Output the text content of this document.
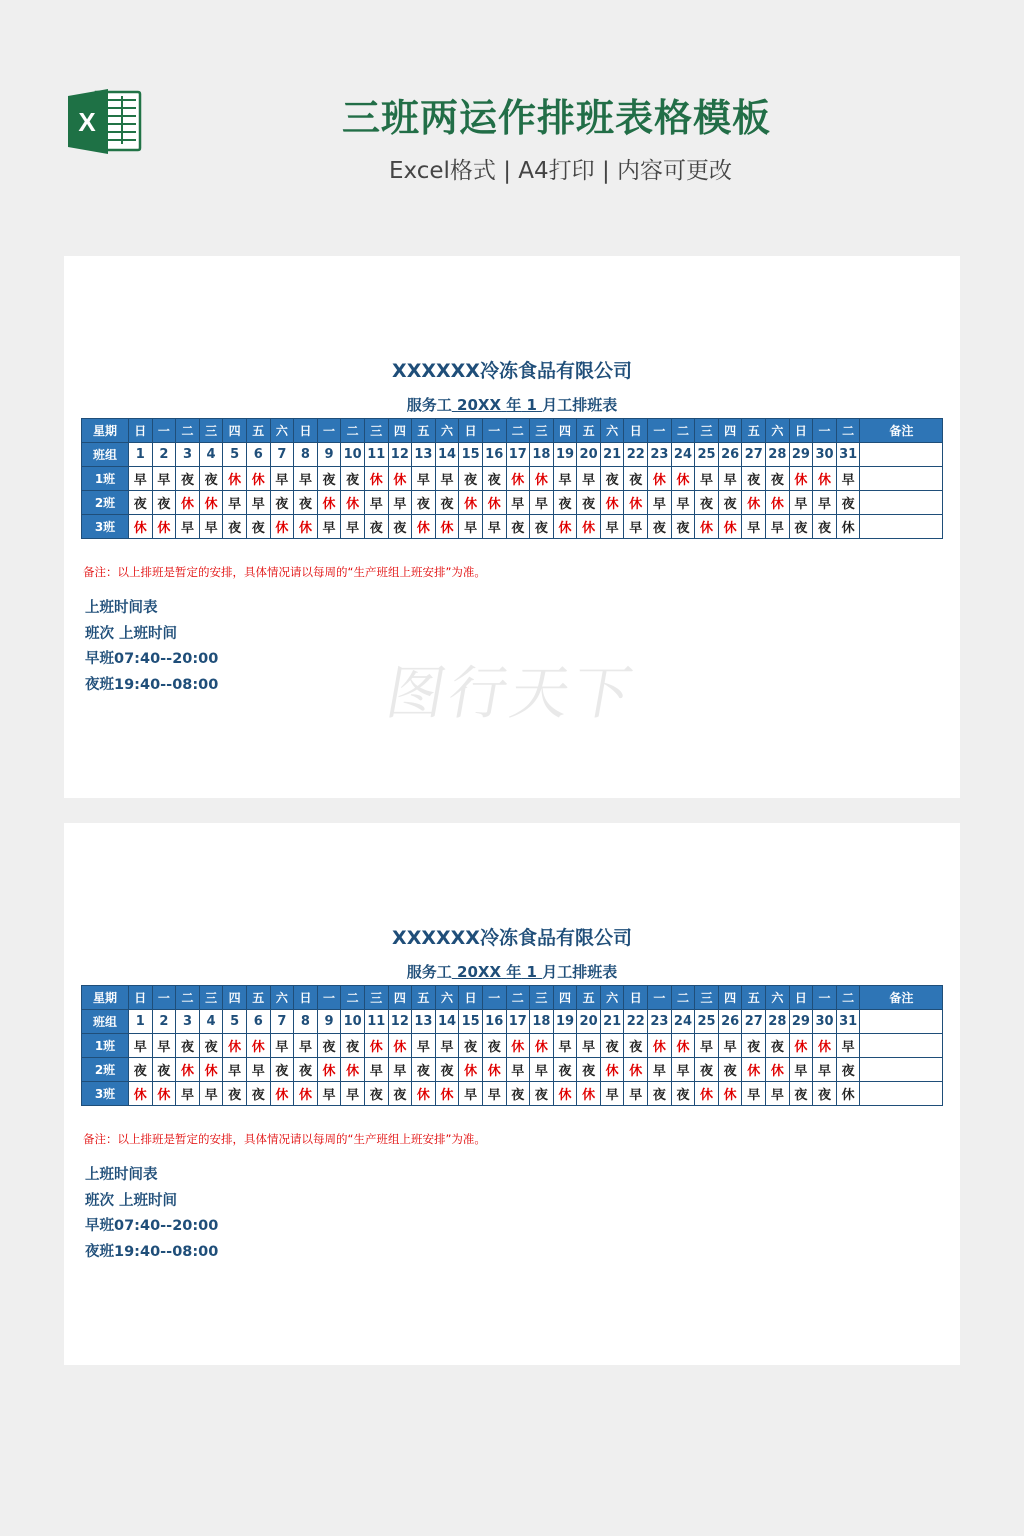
X	三班两运作排班表格模板

Excel格式 | A4打印 | 内容可更改

XXXXXX冷冻食品有限公司
服务工 20XX 年 1 月工排班表
星期	日	一	二	三	四	五	六	日	一	二	三	四	五	六	日	一	二	三	四	五	六	日	一	二	三	四	五	六	日	一	二	备注
班组	1	2	3	4	5	6	7	8	9	10	11	12	13	14	15	16	17	18	19	20	21	22	23	24	25	26	27	28	29	30	31	
1班	早	早	夜	夜	休	休	早	早	夜	夜	休	休	早	早	夜	夜	休	休	早	早	夜	夜	休	休	早	早	夜	夜	休	休	早	
2班	夜	夜	休	休	早	早	夜	夜	休	休	早	早	夜	夜	休	休	早	早	夜	夜	休	休	早	早	夜	夜	休	休	早	早	夜	
3班	休	休	早	早	夜	夜	休	休	早	早	夜	夜	休	休	早	早	夜	夜	休	休	早	早	夜	夜	休	休	早	早	夜	夜	休	

备注：以上排班是暂定的安排，具体情况请以每周的“生产班组上班安排”为准。

上班时间表
班次 上班时间
早班07:40--20:00
夜班19:40--08:00
XXXXXX冷冻食品有限公司
服务工 20XX 年 1 月工排班表
星期	日	一	二	三	四	五	六	日	一	二	三	四	五	六	日	一	二	三	四	五	六	日	一	二	三	四	五	六	日	一	二	备注
班组	1	2	3	4	5	6	7	8	9	10	11	12	13	14	15	16	17	18	19	20	21	22	23	24	25	26	27	28	29	30	31	
1班	早	早	夜	夜	休	休	早	早	夜	夜	休	休	早	早	夜	夜	休	休	早	早	夜	夜	休	休	早	早	夜	夜	休	休	早	
2班	夜	夜	休	休	早	早	夜	夜	休	休	早	早	夜	夜	休	休	早	早	夜	夜	休	休	早	早	夜	夜	休	休	早	早	夜	
3班	休	休	早	早	夜	夜	休	休	早	早	夜	夜	休	休	早	早	夜	夜	休	休	早	早	夜	夜	休	休	早	早	夜	夜	休	

备注：以上排班是暂定的安排，具体情况请以每周的“生产班组上班安排”为准。

上班时间表
班次 上班时间
早班07:40--20:00
夜班19:40--08:00
图行天下
